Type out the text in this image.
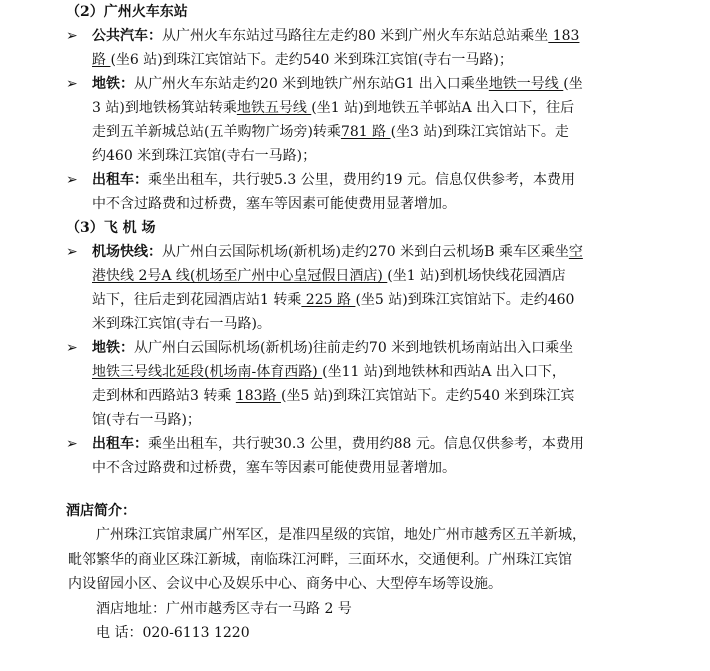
（2）广州火车东站
➢ 公共汽车：从广州火车东站过马路往左走约80 米到广州火车东站总站乘坐 183
路 (坐6 站)到珠江宾馆站下。走约540 米到珠江宾馆(寺右一马路)；
➢ 地铁：从广州火车东站走约20 米到地铁广州东站G1 出入口乘坐地铁一号线 (坐
3 站)到地铁杨箕站转乘地铁五号线 (坐1 站)到地铁五羊邨站A 出入口下，往后
走到五羊新城总站(五羊购物广场旁)转乘781 路 (坐3 站)到珠江宾馆站下。走
约460 米到珠江宾馆(寺右一马路)；
➢ 出租车：乘坐出租车，共行驶5.3 公里，费用约19 元。信息仅供参考，本费用
中不含过路费和过桥费，塞车等因素可能使费用显著增加。
（3）飞 机 场
➢ 机场快线：从广州白云国际机场(新机场)走约270 米到白云机场B 乘车区乘坐空
港快线 2号A 线(机场至广州中心皇冠假日酒店) (坐1 站)到机场快线花园酒店
站下，往后走到花园酒店站1 转乘 225 路 (坐5 站)到珠江宾馆站下。走约460
米到珠江宾馆(寺右一马路)。
➢ 地铁：从广州白云国际机场(新机场)往前走约70 米到地铁机场南站出入口乘坐
地铁三号线北延段(机场南-体育西路) (坐11 站)到地铁林和西站A 出入口下，
走到林和西路站3 转乘 183路 (坐5 站)到珠江宾馆站下。走约540 米到珠江宾
馆(寺右一马路)；
➢ 出租车：乘坐出租车，共行驶30.3 公里，费用约88 元。信息仅供参考，本费用
中不含过路费和过桥费，塞车等因素可能使费用显著增加。
酒店简介：
广州珠江宾馆隶属广州军区，是准四星级的宾馆，地处广州市越秀区五羊新城，
毗邻繁华的商业区珠江新城，南临珠江河畔，三面环水，交通便利。广州珠江宾馆
内设留园小区、会议中心及娱乐中心、商务中心、大型停车场等设施。
酒店地址：广州市越秀区寺右一马路 2 号
电 话：020-6113 1220
